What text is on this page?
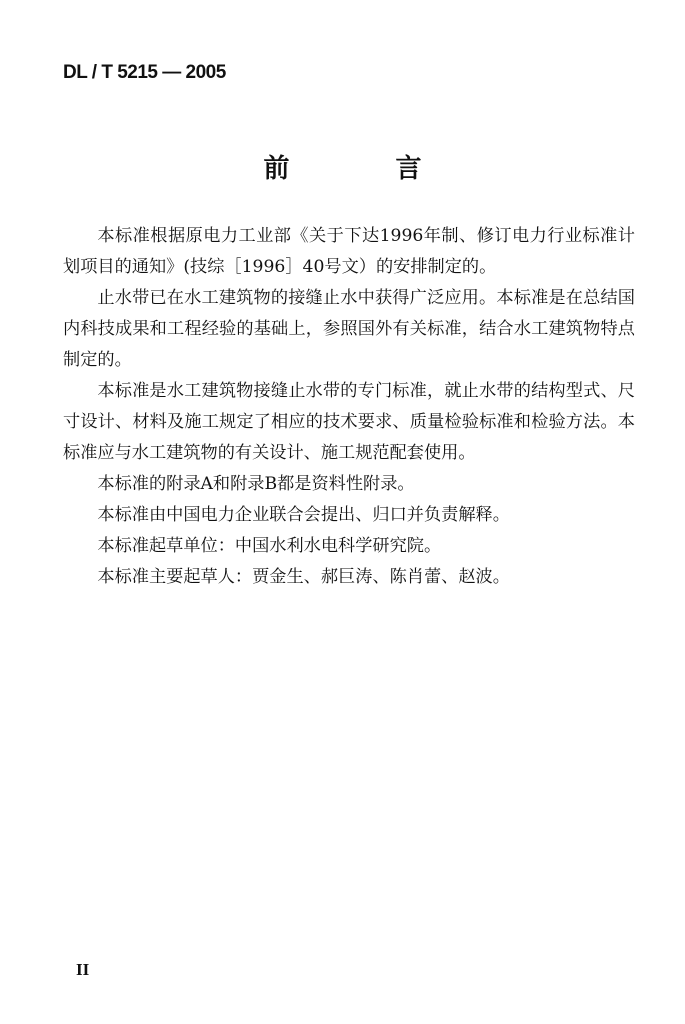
DL / T 5215 — 2005
前　言

本标准根据原电力工业部《关于下达1996年制、修订电力行业标准计划项目的通知》(技综［1996］40号文）的安排制定的。

止水带已在水工建筑物的接缝止水中获得广泛应用。本标准是在总结国内科技成果和工程经验的基础上，参照国外有关标准，结合水工建筑物特点制定的。

本标准是水工建筑物接缝止水带的专门标准，就止水带的结构型式、尺寸设计、材料及施工规定了相应的技术要求、质量检验标准和检验方法。本标准应与水工建筑物的有关设计、施工规范配套使用。

本标准的附录A和附录B都是资料性附录。

本标准由中国电力企业联合会提出、归口并负责解释。

本标准起草单位：中国水利水电科学研究院。

本标准主要起草人：贾金生、郝巨涛、陈肖蕾、赵波。

II
